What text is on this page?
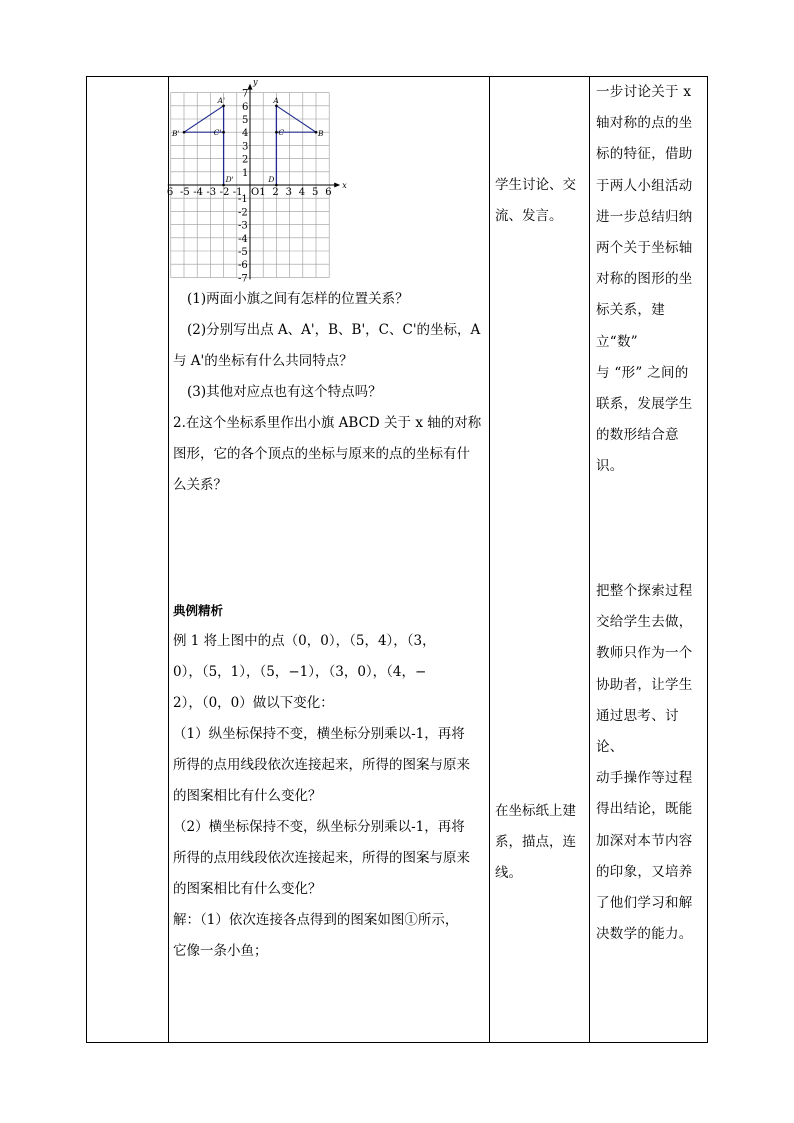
x
y
6 -5 -4 -3 -2 -1 O 1 2 3 4 5 6
7
6
5
4
3
2
1
-1
-2
-3
-4
-5
-6
-7
A
B
C
D
A'
B'	C'
D'

(1)两面小旗之间有怎样的位置关系？

(2)分别写出点 A、A'，B、B'，C、C'的坐标，A

与 A'的坐标有什么共同特点？

(3)其他对应点也有这个特点吗？

2.在这个坐标系里作出小旗 ABCD 关于 x 轴的对称

图形，它的各个顶点的坐标与原来的点的坐标有什

么关系？

典例精析

例 1 将上图中的点（0，0），（5，4），（3，

0），（5，1），（5，−1），（3，0），（4，−

2），（0，0）做以下变化：

（1）纵坐标保持不变，横坐标分别乘以-1，再将

所得的点用线段依次连接起来，所得的图案与原来

的图案相比有什么变化？

（2）横坐标保持不变，纵坐标分别乘以-1，再将

所得的点用线段依次连接起来，所得的图案与原来

的图案相比有什么变化？

解：（1）依次连接各点得到的图案如图①所示，

它像一条小鱼；

学生讨论、交

流、发言。

在坐标纸上建

系，描点，连

线。

一步讨论关于 x

轴对称的点的坐

标的特征，借助

于两人小组活动

进一步总结归纳

两个关于坐标轴

对称的图形的坐

标关系，建立“数”

与 “形” 之间的

联系，发展学生

的数形结合意识。

把整个探索过程

交给学生去做，

教师只作为一个

协助者，让学生

通过思考、讨论、

动手操作等过程

得出结论，既能

加深对本节内容

的印象，又培养

了他们学习和解

决数学的能力。
